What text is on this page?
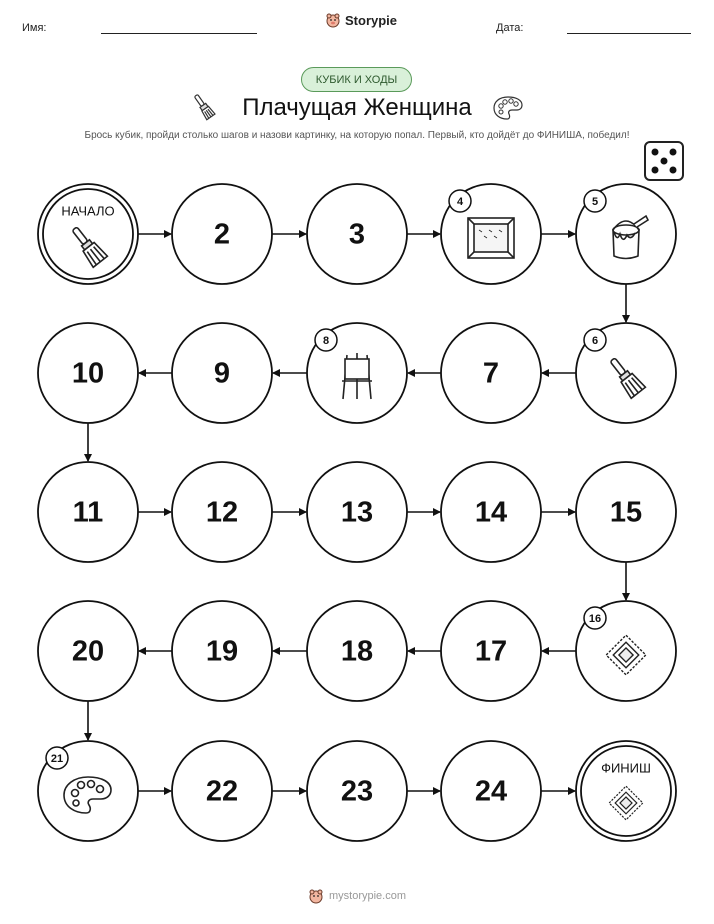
Имя:
Storypie
Дата:
КУБИК И ХОДЫ
Плачущая Женщина
Брось кубик, пройди столько шагов и назови картинку, на которую попал. Первый, кто дойдёт до ФИНИША, победил!
НАЧАЛО
2	3
4	5
6
7
8
9
10
11	12	13	14	15
16
17
18
19
20
21
22	23	24
ФИНИШ
mystorypie.com
